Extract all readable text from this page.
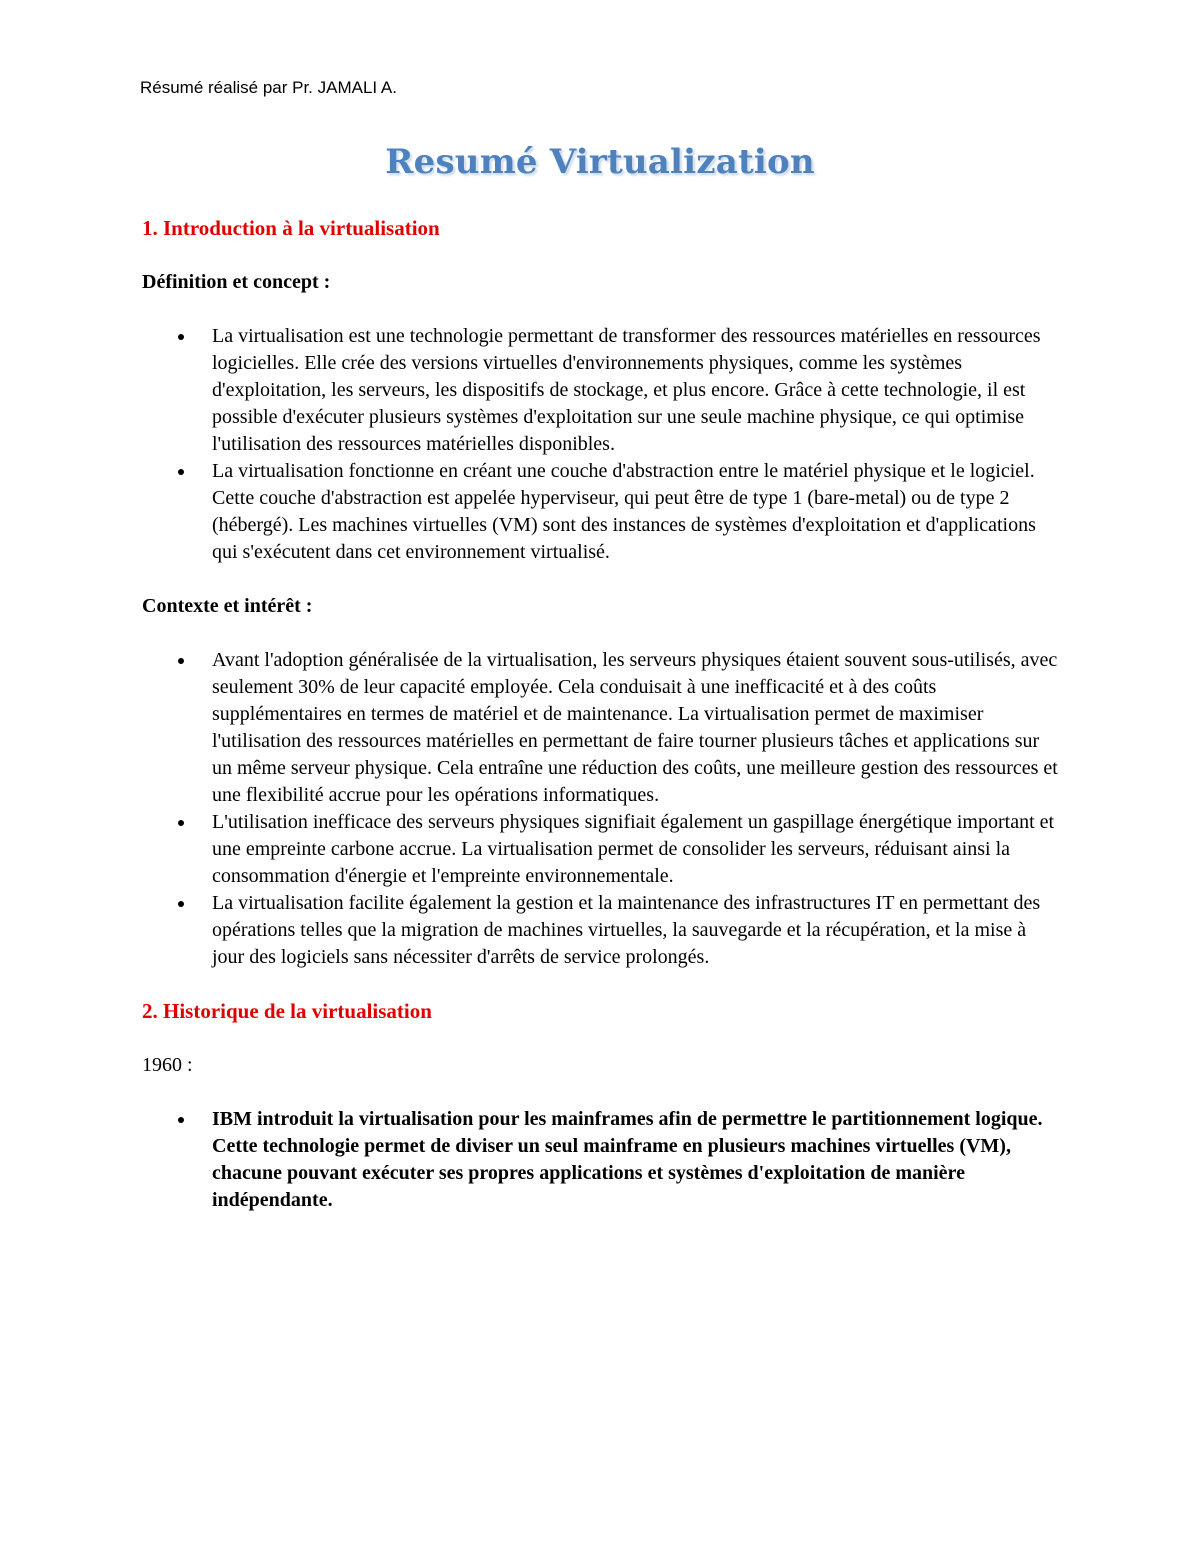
Résumé réalisé par Pr. JAMALI A.
Resumé Virtualization
1. Introduction à la virtualisation
Définition et concept :
La virtualisation est une technologie permettant de transformer des ressources matérielles en ressources logicielles. Elle crée des versions virtuelles d'environnements physiques, comme les systèmes d'exploitation, les serveurs, les dispositifs de stockage, et plus encore. Grâce à cette technologie, il est possible d'exécuter plusieurs systèmes d'exploitation sur une seule machine physique, ce qui optimise l'utilisation des ressources matérielles disponibles.
La virtualisation fonctionne en créant une couche d'abstraction entre le matériel physique et le logiciel. Cette couche d'abstraction est appelée hyperviseur, qui peut être de type 1 (bare-metal) ou de type 2 (hébergé). Les machines virtuelles (VM) sont des instances de systèmes d'exploitation et d'applications qui s'exécutent dans cet environnement virtualisé.
Contexte et intérêt :
Avant l'adoption généralisée de la virtualisation, les serveurs physiques étaient souvent sous-utilisés, avec seulement 30% de leur capacité employée. Cela conduisait à une inefficacité et à des coûts supplémentaires en termes de matériel et de maintenance. La virtualisation permet de maximiser l'utilisation des ressources matérielles en permettant de faire tourner plusieurs tâches et applications sur un même serveur physique. Cela entraîne une réduction des coûts, une meilleure gestion des ressources et une flexibilité accrue pour les opérations informatiques.
L'utilisation inefficace des serveurs physiques signifiait également un gaspillage énergétique important et une empreinte carbone accrue. La virtualisation permet de consolider les serveurs, réduisant ainsi la consommation d'énergie et l'empreinte environnementale.
La virtualisation facilite également la gestion et la maintenance des infrastructures IT en permettant des opérations telles que la migration de machines virtuelles, la sauvegarde et la récupération, et la mise à jour des logiciels sans nécessiter d'arrêts de service prolongés.
2. Historique de la virtualisation
1960 :
IBM introduit la virtualisation pour les mainframes afin de permettre le partitionnement logique. Cette technologie permet de diviser un seul mainframe en plusieurs machines virtuelles (VM), chacune pouvant exécuter ses propres applications et systèmes d'exploitation de manière indépendante.
